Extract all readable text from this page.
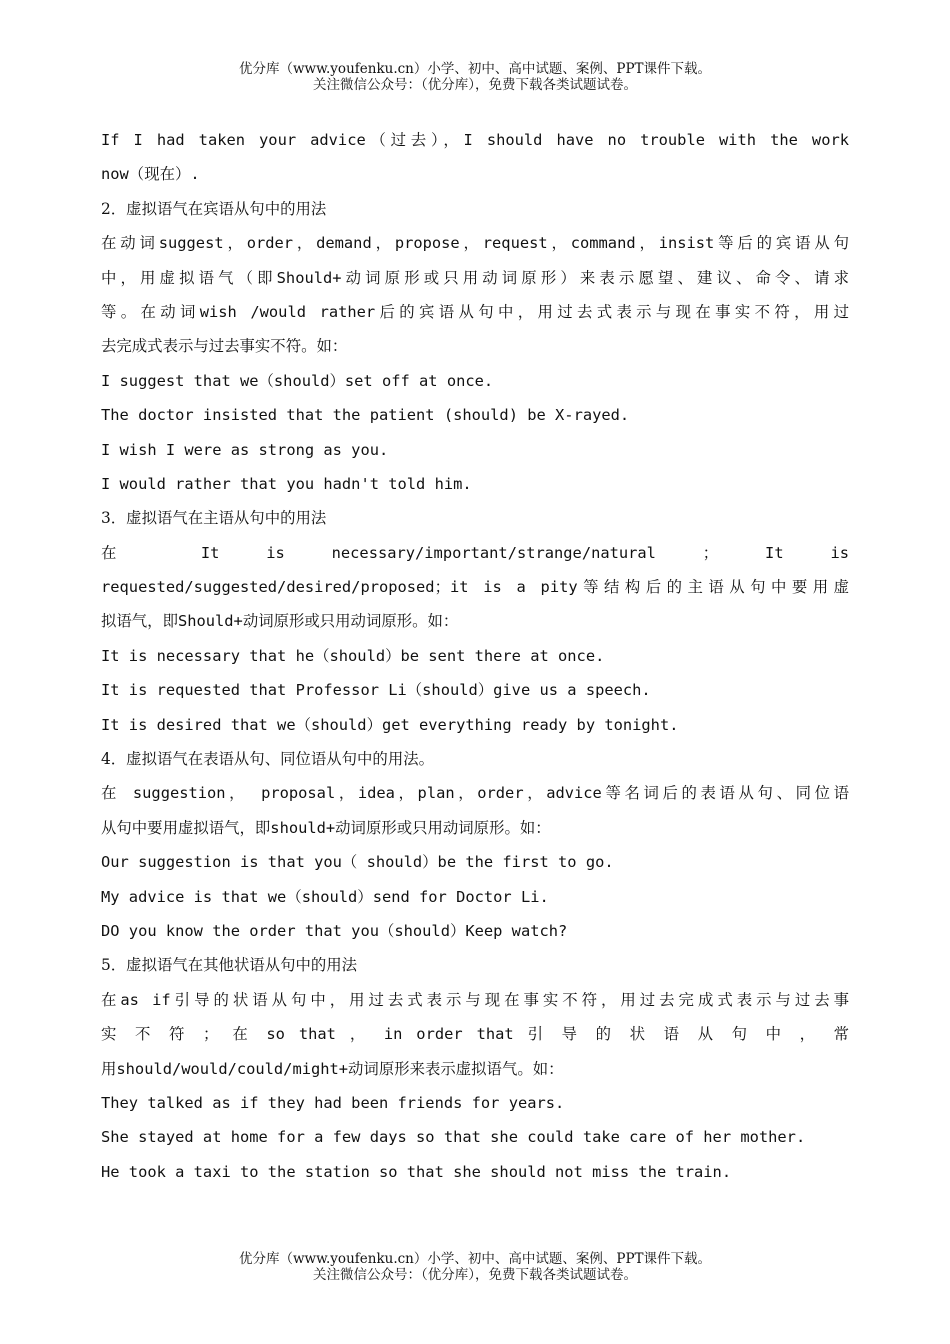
优分库（www.youfenku.cn）小学、初中、高中试题、案例、PPT课件下载。
关注微信公众号：（优分库），免费下载各类试题试卷。
If I had taken your advice（过去），I should have no trouble with the work
now（现在）.
2．虚拟语气在宾语从句中的用法
在动词suggest，order，demand，propose，request，command，insist等后的宾语从句
中，用虚拟语气（即Should+动词原形或只用动词原形）来表示愿望、建议、命令、请求
等。在动词wish /would rather后的宾语从句中，用过去式表示与现在事实不符，用过
去完成式表示与过去事实不符。如：
I suggest that we（should）set off at once.
The doctor insisted that the patient (should) be X-rayed.
I wish I were as strong as you.
I would rather that you hadn't told him.
3．虚拟语气在主语从句中的用法
在 It is necessary/important/strange/natural ； It is
requested/suggested/desired/proposed；it is a pity等结构后的主语从句中要用虚
拟语气，即Should+动词原形或只用动词原形。如：
It is necessary that he（should）be sent there at once.
It is requested that Professor Li（should）give us a speech.
It is desired that we（should）get everything ready by tonight.
4．虚拟语气在表语从句、同位语从句中的用法。
在 suggestion， proposal，idea，plan，order，advice等名词后的表语从句、同位语
从句中要用虚拟语气，即should+动词原形或只用动词原形。如：
Our suggestion is that you（ should）be the first to go.
My advice is that we（should）send for Doctor Li.
DO you know the order that you（should）Keep watch?
5．虚拟语气在其他状语从句中的用法
在as if引导的状语从句中，用过去式表示与现在事实不符，用过去完成式表示与过去事
实 不 符 ； 在 so that ， in order that 引 导 的 状 语 从 句 中 ， 常
用should/would/could/might+动词原形来表示虚拟语气。如：
They talked as if they had been friends for years.
She stayed at home for a few days so that she could take care of her mother.
He took a taxi to the station so that she should not miss the train.
优分库（www.youfenku.cn）小学、初中、高中试题、案例、PPT课件下载。
关注微信公众号：（优分库），免费下载各类试题试卷。
